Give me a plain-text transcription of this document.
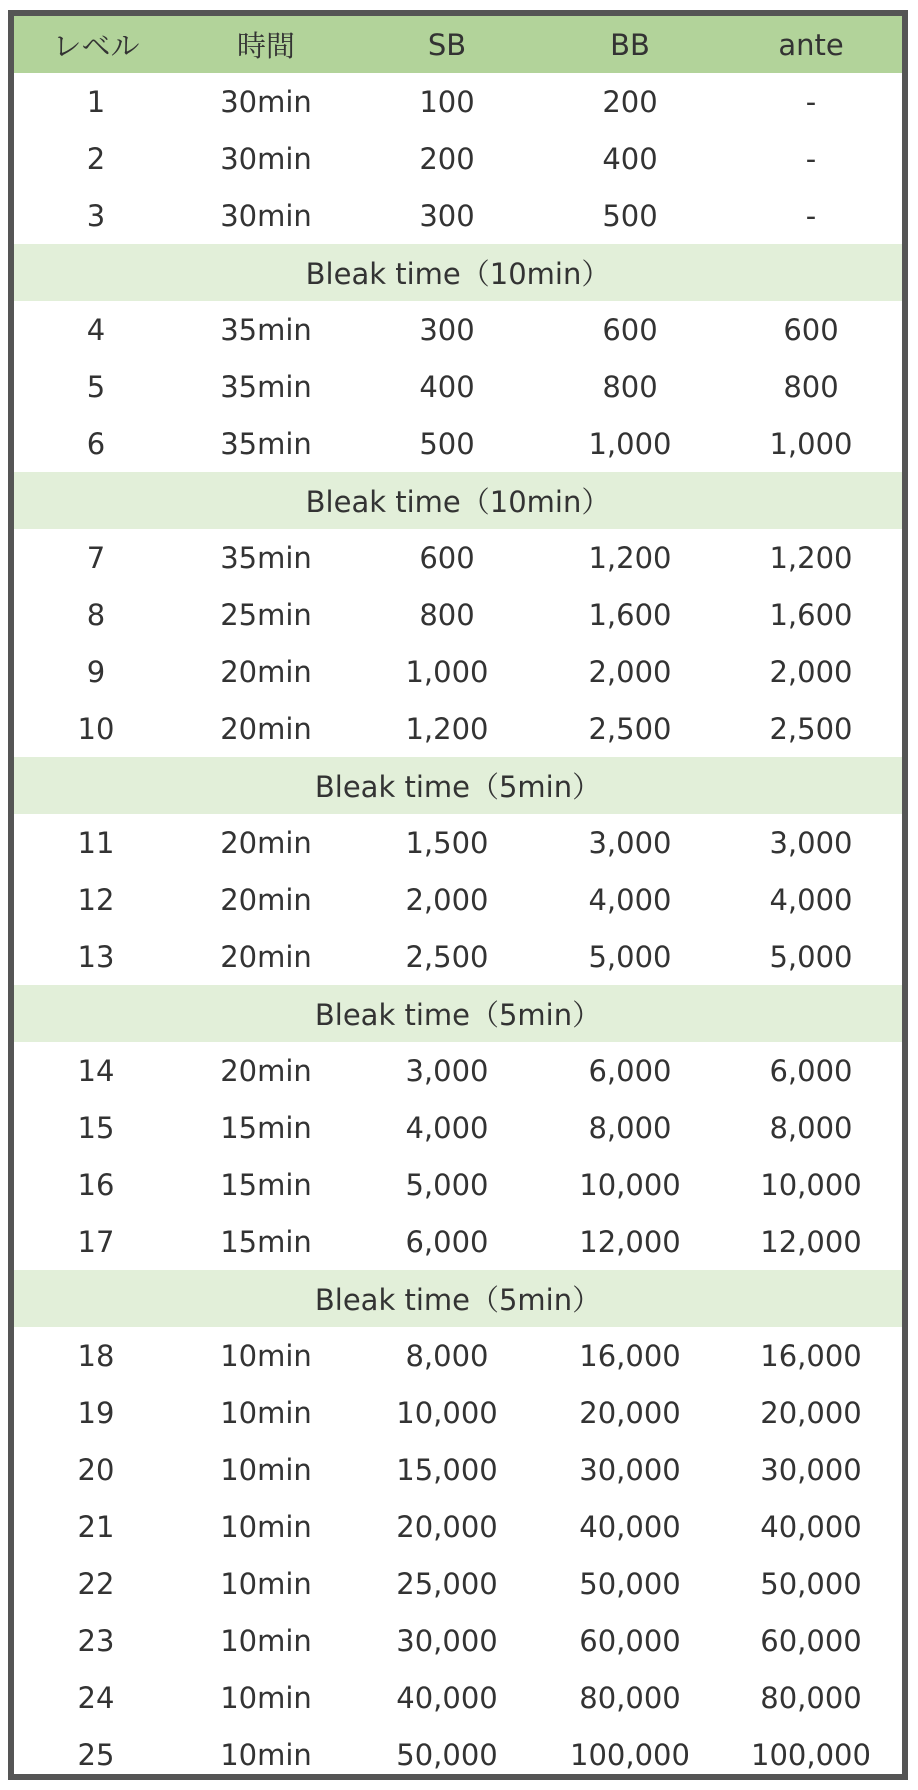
レベル	時間	SB	BB	ante
1	30min	100	200	-
2	30min	200	400	-
3	30min	300	500	-
Bleak time（10min）				
4	35min	300	600	600
5	35min	400	800	800
6	35min	500	1,000	1,000
Bleak time（10min）				
7	35min	600	1,200	1,200
8	25min	800	1,600	1,600
9	20min	1,000	2,000	2,000
10	20min	1,200	2,500	2,500
Bleak time（5min）				
11	20min	1,500	3,000	3,000
12	20min	2,000	4,000	4,000
13	20min	2,500	5,000	5,000
Bleak time（5min）				
14	20min	3,000	6,000	6,000
15	15min	4,000	8,000	8,000
16	15min	5,000	10,000	10,000
17	15min	6,000	12,000	12,000
Bleak time（5min）				
18	10min	8,000	16,000	16,000
19	10min	10,000	20,000	20,000
20	10min	15,000	30,000	30,000
21	10min	20,000	40,000	40,000
22	10min	25,000	50,000	50,000
23	10min	30,000	60,000	60,000
24	10min	40,000	80,000	80,000
25	10min	50,000	100,000	100,000
